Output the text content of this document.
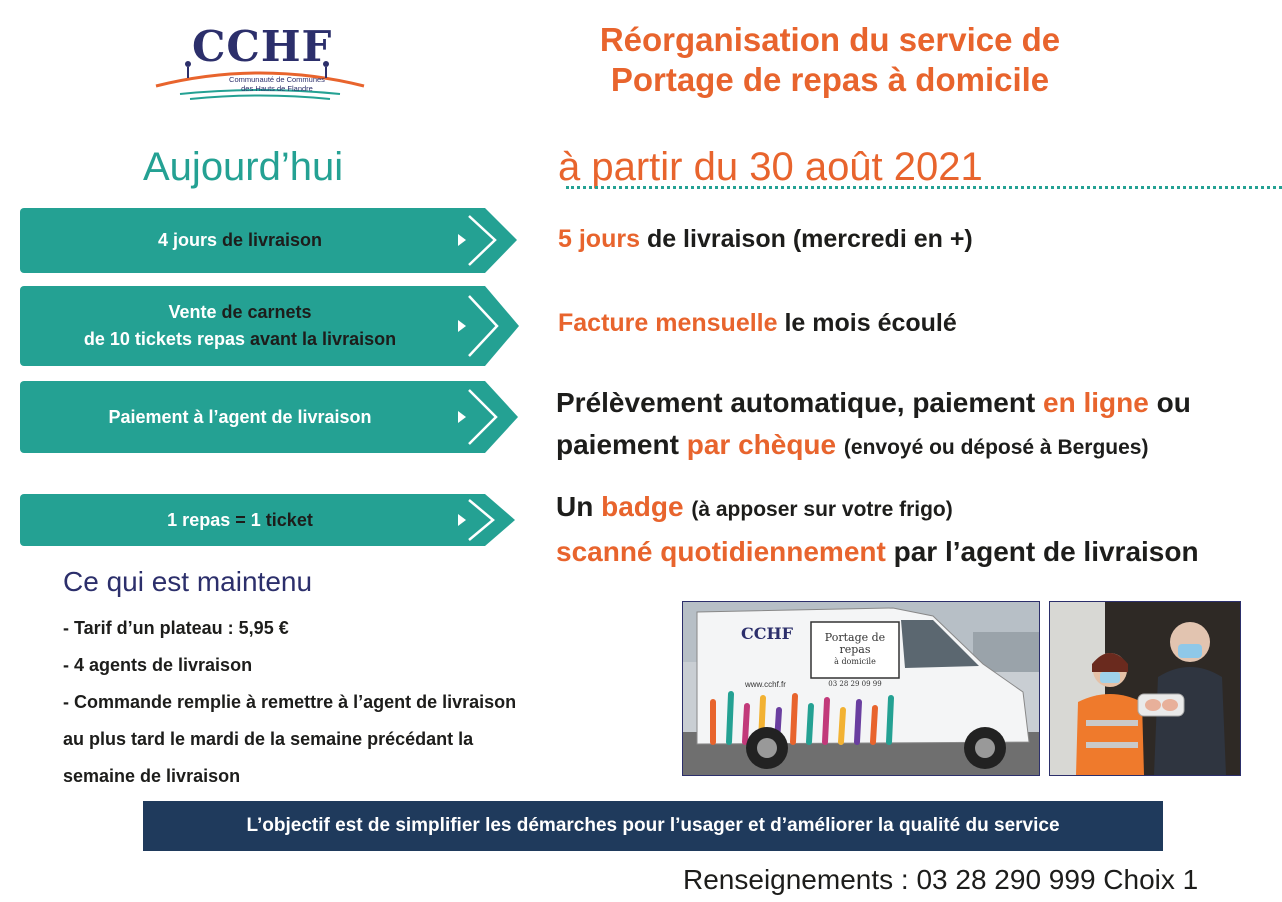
CCHF
Communauté de Communes
des Hauts de Flandre
Réorganisation du service de
Portage de repas à domicile
Aujourd’hui	à partir du 30 août 2021
4 jours de livraison
Vente de carnets
de 10 tickets repas avant la livraison
Paiement à l’agent de livraison
1 repas = 1 ticket
5 jours de livraison (mercredi en +)
Facture mensuelle le mois écoulé
Prélèvement automatique, paiement en ligne ou
paiement par chèque (envoyé ou déposé à Bergues)
Un badge (à apposer sur votre frigo)
scanné quotidiennement par l’agent de livraison
Ce qui est maintenu
- Tarif d’un plateau : 5,95 €
- 4 agents de livraison
- Commande remplie à remettre à l’agent de livraison
au plus tard le mardi de la semaine précédant la
semaine de livraison
CCHF
www.cchf.fr
Portage de repas
à domicile
03 28 29 09 99
L’objectif est de simplifier les démarches pour l’usager et d’améliorer la qualité du service
Renseignements : 03 28 290 999 Choix 1
